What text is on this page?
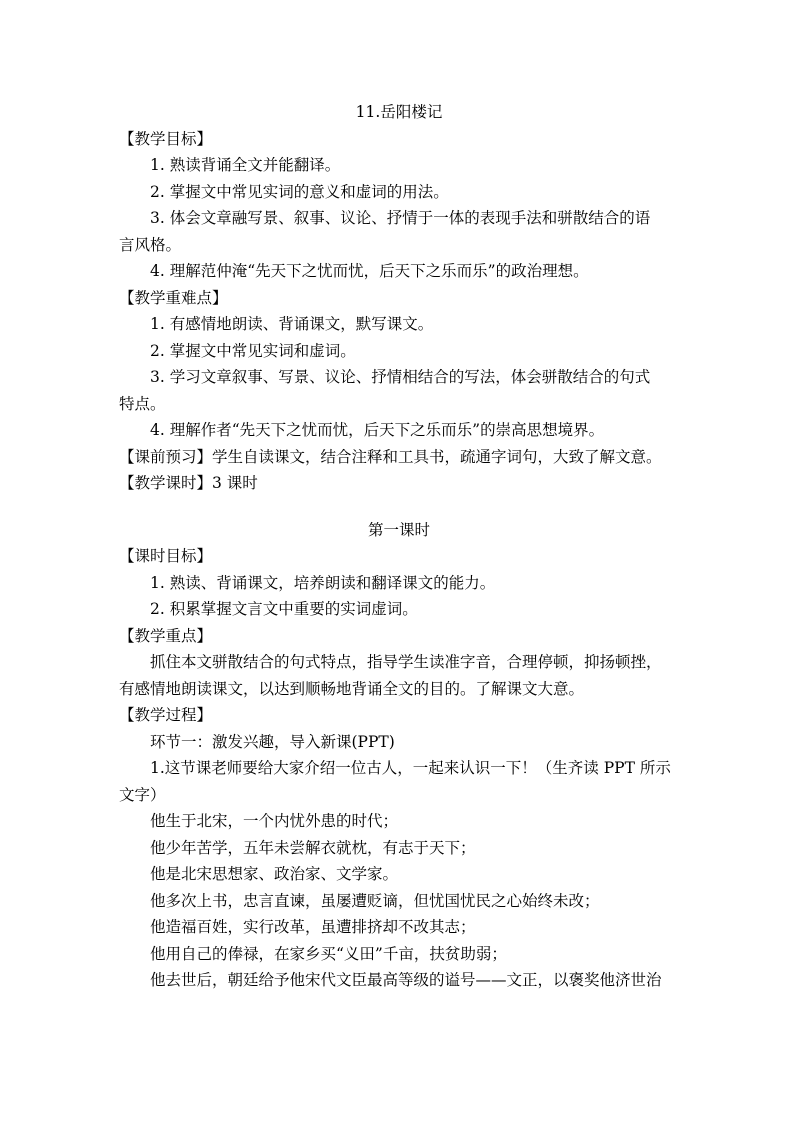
11.岳阳楼记
【教学目标】
1. 熟读背诵全文并能翻译。
2. 掌握文中常见实词的意义和虚词的用法。
3. 体会文章融写景、叙事、议论、抒情于一体的表现手法和骈散结合的语
言风格。
4. 理解范仲淹“先天下之忧而忧，后天下之乐而乐”的政治理想。
【教学重难点】
1. 有感情地朗读、背诵课文，默写课文。
2. 掌握文中常见实词和虚词。
3. 学习文章叙事、写景、议论、抒情相结合的写法，体会骈散结合的句式
特点。
4. 理解作者“先天下之忧而忧，后天下之乐而乐”的崇高思想境界。
【课前预习】学生自读课文，结合注释和工具书，疏通字词句，大致了解文意。
【教学课时】3 课时
第一课时
【课时目标】
1. 熟读、背诵课文，培养朗读和翻译课文的能力。
2. 积累掌握文言文中重要的实词虚词。
【教学重点】
抓住本文骈散结合的句式特点，指导学生读准字音，合理停顿，抑扬顿挫，
有感情地朗读课文，以达到顺畅地背诵全文的目的。了解课文大意。
【教学过程】
环节一：激发兴趣，导入新课(PPT)
1.这节课老师要给大家介绍一位古人，一起来认识一下！（生齐读 PPT 所示
文字）
他生于北宋，一个内忧外患的时代；
他少年苦学，五年未尝解衣就枕，有志于天下；
他是北宋思想家、政治家、文学家。
他多次上书，忠言直谏，虽屡遭贬谪，但忧国忧民之心始终未改；
他造福百姓，实行改革，虽遭排挤却不改其志；
他用自己的俸禄，在家乡买“义田”千亩，扶贫助弱；
他去世后，朝廷给予他宋代文臣最高等级的谥号——文正，以褒奖他济世治
